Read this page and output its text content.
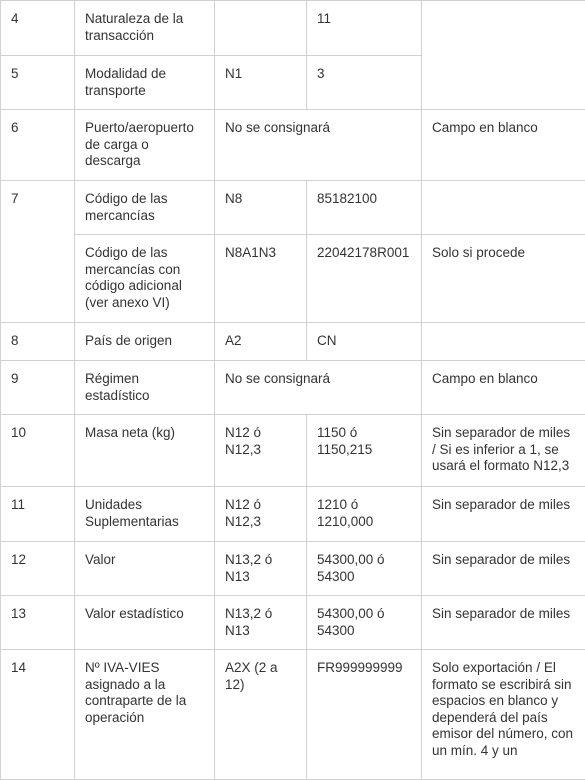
4	Naturaleza de la transacción		11	
5	Modalidad de transporte	N1	3	
6	Puerto/aeropuerto de carga o descarga	No se consignará		Campo en blanco
7	Código de las mercancías	N8	85182100	
	Código de las mercancías con código adicional (ver anexo VI)	N8A1N3	22042178R001	Solo si procede
8	País de origen	A2	CN	
9	Régimen estadístico	No se consignará		Campo en blanco
10	Masa neta (kg)	N12 ó N12,3	1150 ó 1150,215	Sin separador de miles / Si es inferior a 1, se usará el formato N12,3
11	Unidades Suplementarias	N12 ó N12,3	1210 ó 1210,000	Sin separador de miles
12	Valor	N13,2 ó N13	54300,00 ó 54300	Sin separador de miles
13	Valor estadístico	N13,2 ó N13	54300,00 ó 54300	Sin separador de miles
14	Nº IVA-VIES asignado a la contraparte de la operación	A2X (2 a 12)	FR999999999	Solo exportación / El formato se escribirá sin espacios en blanco y dependerá del país emisor del número, con un mín. 4 y un
